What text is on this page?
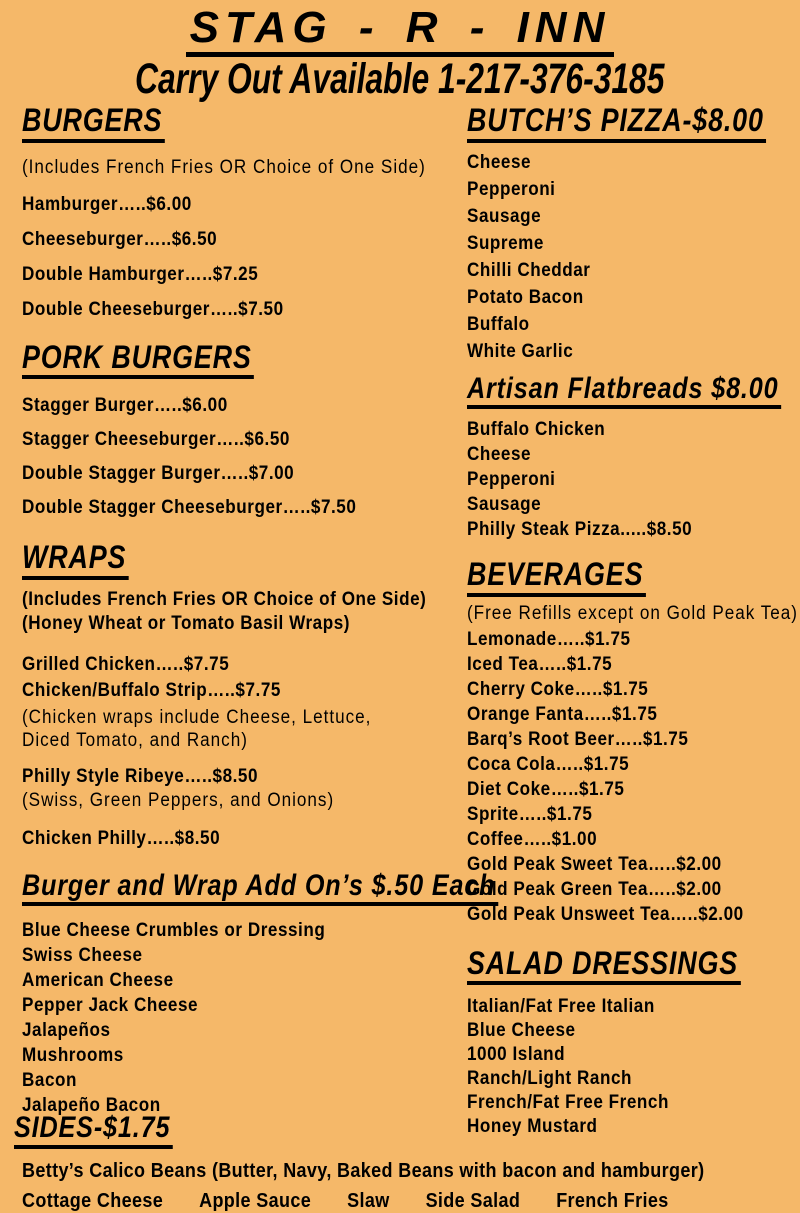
STAG - R - INN
Carry Out Available 1-217-376-3185
BURGERS

(Includes French Fries OR Choice of One Side)

Hamburger…..$6.00

Cheeseburger…..$6.50

Double Hamburger…..$7.25

Double Cheeseburger…..$7.50

PORK BURGERS

Stagger Burger…..$6.00

Stagger Cheeseburger…..$6.50

Double Stagger Burger…..$7.00

Double Stagger Cheeseburger…..$7.50

WRAPS

(Includes French Fries OR Choice of One Side)

(Honey Wheat or Tomato Basil Wraps)

Grilled Chicken…..$7.75

Chicken/Buffalo Strip…..$7.75

(Chicken wraps include Cheese, Lettuce, Diced Tomato, and Ranch)

Philly Style Ribeye…..$8.50

(Swiss, Green Peppers, and Onions)

Chicken Philly…..$8.50

Burger and Wrap Add On’s $.50 Each

Blue Cheese Crumbles or Dressing

Swiss Cheese

American Cheese

Pepper Jack Cheese

Jalapeños

Mushrooms

Bacon

Jalapeño Bacon

BUTCH’S PIZZA-$8.00

Cheese

Pepperoni

Sausage

Supreme

Chilli Cheddar

Potato Bacon

Buffalo

White Garlic

Artisan Flatbreads $8.00

Buffalo Chicken

Cheese

Pepperoni

Sausage

Philly Steak Pizza.....$8.50

BEVERAGES

(Free Refills except on Gold Peak Tea)

Lemonade…..$1.75

Iced Tea…..$1.75

Cherry Coke…..$1.75

Orange Fanta…..$1.75

Barq’s Root Beer…..$1.75

Coca Cola…..$1.75

Diet Coke…..$1.75

Sprite…..$1.75

Coffee…..$1.00

Gold Peak Sweet Tea…..$2.00

Gold Peak Green Tea…..$2.00

Gold Peak Unsweet Tea…..$2.00

SALAD DRESSINGS

Italian/Fat Free Italian

Blue Cheese

1000 Island

Ranch/Light Ranch

French/Fat Free French

Honey Mustard

SIDES-$1.75

Betty’s Calico Beans (Butter, Navy, Baked Beans with bacon and hamburger)

Cottage Cheese Apple Sauce Slaw Side Salad French Fries
